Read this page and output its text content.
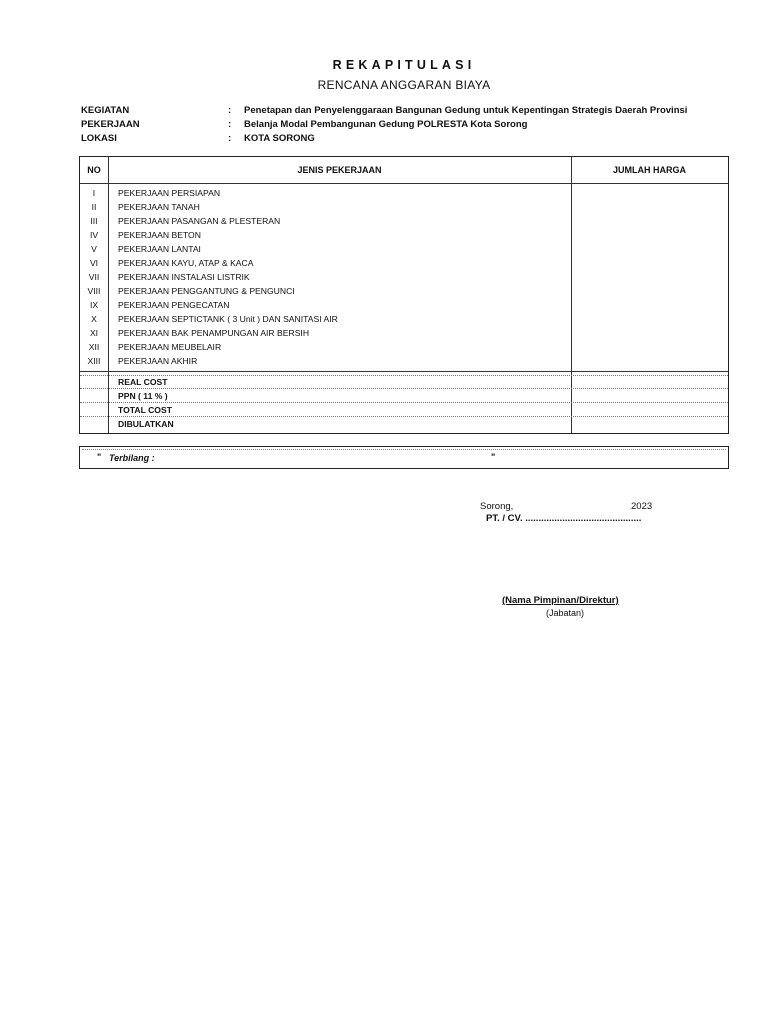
REKAPITULASI
RENCANA ANGGARAN BIAYA
KEGIATAN	: Penetapan dan Penyelenggaraan Bangunan Gedung untuk Kepentingan Strategis Daerah Provinsi
PEKERJAAN	: Belanja Modal Pembangunan Gedung POLRESTA Kota Sorong
LOKASI	: KOTA SORONG
NO	JENIS PEKERJAAN	JUMLAH HARGA
I	PEKERJAAN PERSIAPAN
II	PEKERJAAN TANAH
III	PEKERJAAN PASANGAN & PLESTERAN
IV	PEKERJAAN BETON
V	PEKERJAAN LANTAI
VI	PEKERJAAN KAYU, ATAP & KACA
VII	PEKERJAAN INSTALASI LISTRIK
VIII	PEKERJAAN PENGGANTUNG & PENGUNCI
IX	PEKERJAAN PENGECATAN
X	PEKERJAAN SEPTICTANK ( 3 Unit ) DAN SANITASI AIR
XI	PEKERJAAN BAK PENAMPUNGAN AIR BERSIH
XII	PEKERJAAN MEUBELAIR
XIII	PEKERJAAN AKHIR
REAL COST
PPN ( 11 % )
TOTAL COST
DIBULATKAN
" Terbilang :	"
Sorong,	2023
PT. / CV. ............................................
(Nama Pimpinan/Direktur)
(Jabatan)
